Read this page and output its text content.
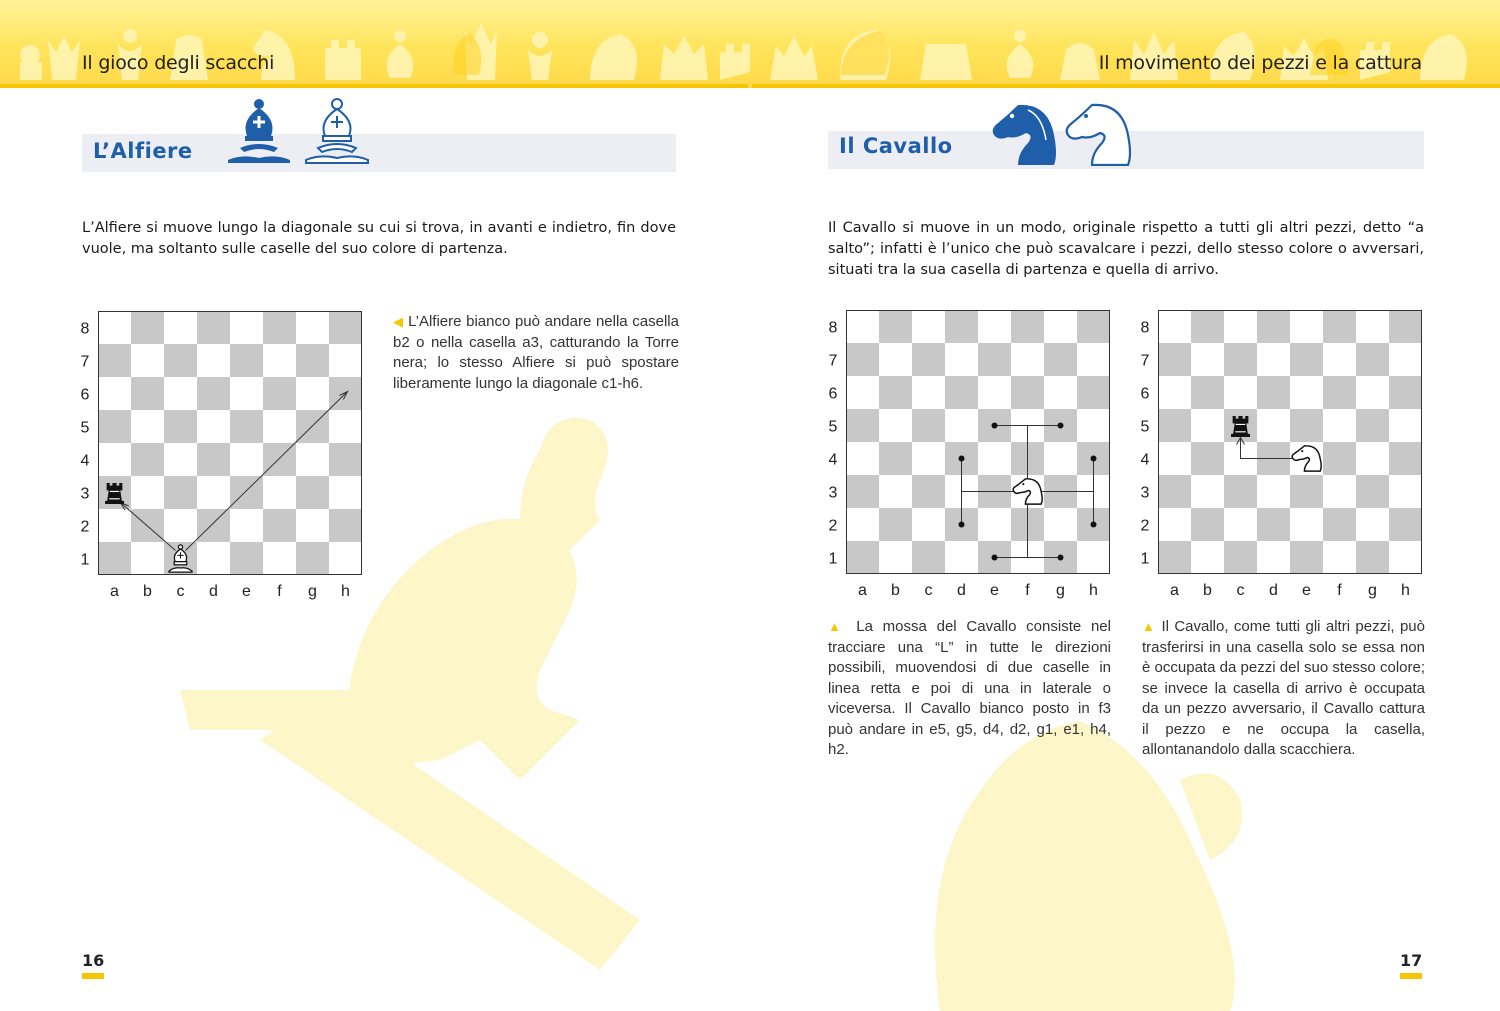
Il gioco degli scacchi	Il movimento dei pezzi e la cattura
L’Alfiere
L’Alfiere si muove lungo la diagonale su cui si trova, in avanti e indietro, fin dove vuole, ma soltanto sulle caselle del suo colore di partenza.
8
7
6
5
4
3
2
1
a b c d e f g h
◀ L’Alfiere bianco può andare nella casella b2 o nella casella a3, catturando la Torre nera; lo stesso Alfiere si può spostare liberamente lungo la diagonale c1-h6.
16
Il Cavallo
Il Cavallo si muove in un modo, originale rispetto a tutti gli altri pezzi, detto “a salto”; infatti è l’unico che può scavalcare i pezzi, dello stesso colore o avversari, situati tra la sua casella di partenza e quella di arrivo.
8
7
6
5
4
3
2
1
a b c d e f g h
8
7
6
5
4
3
2
1
a b c d e f g h
▲ La mossa del Cavallo consiste nel tracciare una “L” in tutte le direzioni possibili, muovendosi di due caselle in linea retta e poi di una in laterale o viceversa. Il Cavallo bianco posto in f3 può andare in e5, g5, d4, d2, g1, e1, h4, h2.
▲ Il Cavallo, come tutti gli altri pezzi, può trasferirsi in una casella solo se essa non è occupata da pezzi del suo stesso colore; se invece la casella di arrivo è occupata da un pezzo avversario, il Cavallo cattura il pezzo e ne occupa la casella, allontanandolo dalla scacchiera.
17
